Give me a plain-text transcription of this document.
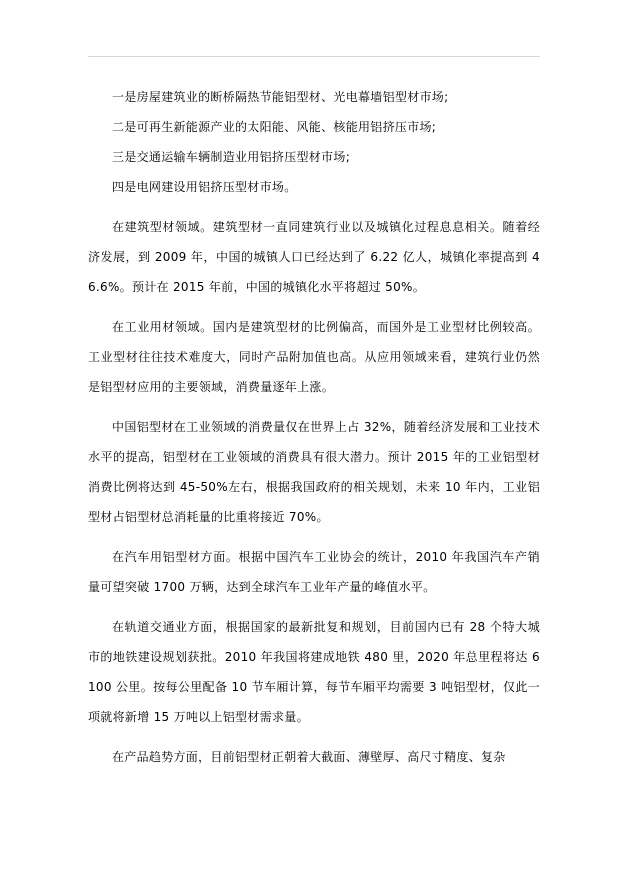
一是房屋建筑业的断桥隔热节能铝型材、光电幕墙铝型材市场;

二是可再生新能源产业的太阳能、风能、核能用铝挤压市场;

三是交通运输车辆制造业用铝挤压型材市场;

四是电网建设用铝挤压型材市场。

在建筑型材领域。建筑型材一直同建筑行业以及城镇化过程息息相关。随着经济发展，到 2009 年，中国的城镇人口已经达到了 6.22 亿人，城镇化率提高到 46.6%。预计在 2015 年前，中国的城镇化水平将超过 50%。

在工业用材领域。国内是建筑型材的比例偏高，而国外是工业型材比例较高。工业型材往往技术难度大，同时产品附加值也高。从应用领域来看，建筑行业仍然是铝型材应用的主要领域，消费量逐年上涨。

中国铝型材在工业领域的消费量仅在世界上占 32%，随着经济发展和工业技术水平的提高，铝型材在工业领域的消费具有很大潜力。预计 2015 年的工业铝型材消费比例将达到 45-50%左右，根据我国政府的相关规划，未来 10 年内，工业铝型材占铝型材总消耗量的比重将接近 70%。

在汽车用铝型材方面。根据中国汽车工业协会的统计，2010 年我国汽车产销量可望突破 1700 万辆，达到全球汽车工业年产量的峰值水平。

在轨道交通业方面，根据国家的最新批复和规划，目前国内已有 28 个特大城市的地铁建设规划获批。2010 年我国将建成地铁 480 里，2020 年总里程将达 6100 公里。按每公里配备 10 节车厢计算，每节车厢平均需要 3 吨铝型材，仅此一项就将新增 15 万吨以上铝型材需求量。

在产品趋势方面，目前铝型材正朝着大截面、薄壁厚、高尺寸精度、复杂
